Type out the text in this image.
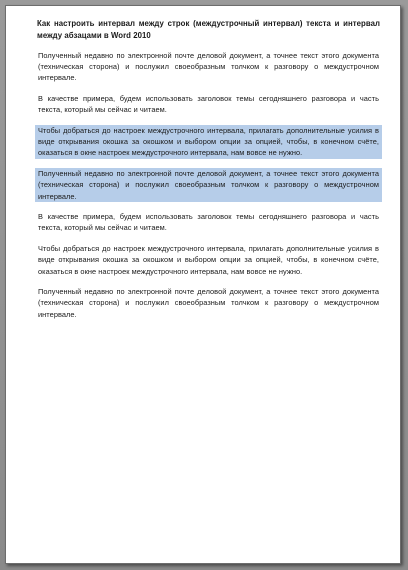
Как настроить интервал между строк (междустрочный интервал) текста и интервал между абзацами в Word 2010
Полученный недавно по электронной почте деловой документ, а точнее текст этого документа (техническая сторона) и послужил своеобразным толчком к разговору о междустрочном интервале.
В качестве примера, будем использовать заголовок темы сегодняшнего разговора и часть текста, который мы сейчас и читаем.
Чтобы добраться до настроек междустрочного интервала, прилагать дополнительные усилия в виде открывания окошка за окошком и выбором опции за опцией, чтобы, в конечном счёте, оказаться в окне настроек междустрочного интервала, нам вовсе не нужно.
Полученный недавно по электронной почте деловой документ, а точнее текст этого документа (техническая сторона) и послужил своеобразным толчком к разговору о междустрочном интервале.
В качестве примера, будем использовать заголовок темы сегодняшнего разговора и часть текста, который мы сейчас и читаем.
Чтобы добраться до настроек междустрочного интервала, прилагать дополнительные усилия в виде открывания окошка за окошком и выбором опции за опцией, чтобы, в конечном счёте, оказаться в окне настроек междустрочного интервала, нам вовсе не нужно.
Полученный недавно по электронной почте деловой документ, а точнее текст этого документа (техническая сторона) и послужил своеобразным толчком к разговору о междустрочном интервале.
